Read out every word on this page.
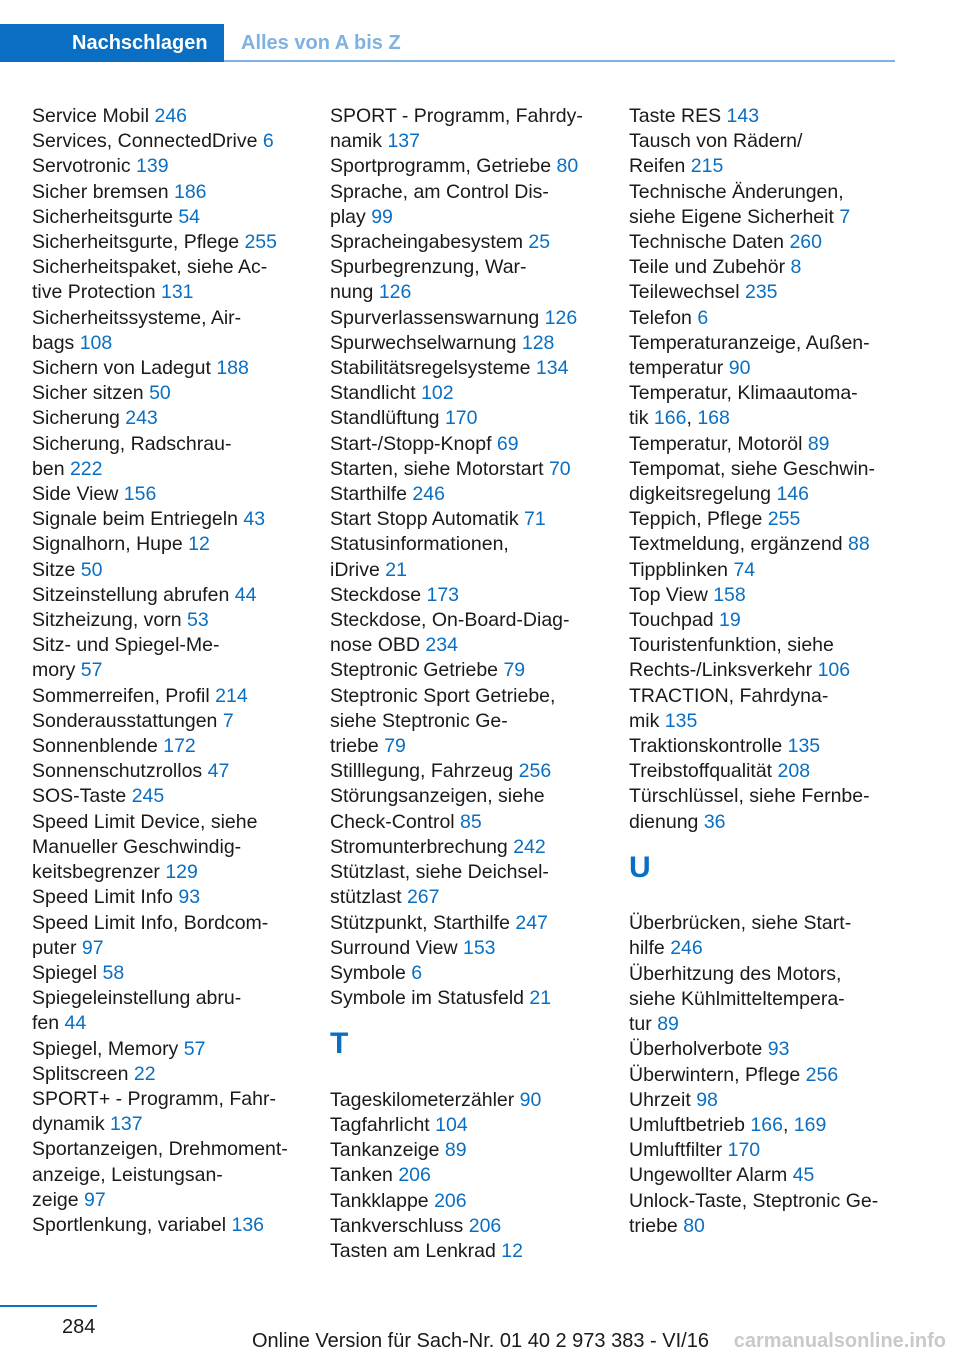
Nachschlagen	Alles von A bis Z
Service Mobil 246
Services, ConnectedDrive 6
Servotronic 139
Sicher bremsen 186
Sicherheitsgurte 54
Sicherheitsgurte, Pflege 255
Sicherheitspaket, siehe Ac-
tive Protection 131
Sicherheitssysteme, Air-
bags 108
Sichern von Ladegut 188
Sicher sitzen 50
Sicherung 243
Sicherung, Radschrau-
ben 222
Side View 156
Signale beim Entriegeln 43
Signalhorn, Hupe 12
Sitze 50
Sitzeinstellung abrufen 44
Sitzheizung, vorn 53
Sitz- und Spiegel-Me-
mory 57
Sommerreifen, Profil 214
Sonderausstattungen 7
Sonnenblende 172
Sonnenschutzrollos 47
SOS-Taste 245
Speed Limit Device, siehe
Manueller Geschwindig-
keitsbegrenzer 129
Speed Limit Info 93
Speed Limit Info, Bordcom-
puter 97
Spiegel 58
Spiegeleinstellung abru-
fen 44
Spiegel, Memory 57
Splitscreen 22
SPORT+ - Programm, Fahr-
dynamik 137
Sportanzeigen, Drehmoment-
anzeige, Leistungsan-
zeige 97
Sportlenkung, variabel 136
SPORT - Programm, Fahrdy-
namik 137
Sportprogramm, Getriebe 80
Sprache, am Control Dis-
play 99
Spracheingabesystem 25
Spurbegrenzung, War-
nung 126
Spurverlassenswarnung 126
Spurwechselwarnung 128
Stabilitätsregelsysteme 134
Standlicht 102
Standlüftung 170
Start-/Stopp-Knopf 69
Starten, siehe Motorstart 70
Starthilfe 246
Start Stopp Automatik 71
Statusinformationen,
iDrive 21
Steckdose 173
Steckdose, On-Board-Diag-
nose OBD 234
Steptronic Getriebe 79
Steptronic Sport Getriebe,
siehe Steptronic Ge-
triebe 79
Stilllegung, Fahrzeug 256
Störungsanzeigen, siehe
Check-Control 85
Stromunterbrechung 242
Stützlast, siehe Deichsel-
stützlast 267
Stützpunkt, Starthilfe 247
Surround View 153
Symbole 6
Symbole im Statusfeld 21
T
Tageskilometerzähler 90
Tagfahrlicht 104
Tankanzeige 89
Tanken 206
Tankklappe 206
Tankverschluss 206
Tasten am Lenkrad 12
Taste RES 143
Tausch von Rädern/
Reifen 215
Technische Änderungen,
siehe Eigene Sicherheit 7
Technische Daten 260
Teile und Zubehör 8
Teilewechsel 235
Telefon 6
Temperaturanzeige, Außen-
temperatur 90
Temperatur, Klimaautoma-
tik 166, 168
Temperatur, Motoröl 89
Tempomat, siehe Geschwin-
digkeitsregelung 146
Teppich, Pflege 255
Textmeldung, ergänzend 88
Tippblinken 74
Top View 158
Touchpad 19
Touristenfunktion, siehe
Rechts-/Linksverkehr 106
TRACTION, Fahrdyna-
mik 135
Traktionskontrolle 135
Treibstoffqualität 208
Türschlüssel, siehe Fernbe-
dienung 36
U
Überbrücken, siehe Start-
hilfe 246
Überhitzung des Motors,
siehe Kühlmitteltempera-
tur 89
Überholverbote 93
Überwintern, Pflege 256
Uhrzeit 98
Umluftbetrieb 166, 169
Umluftfilter 170
Ungewollter Alarm 45
Unlock-Taste, Steptronic Ge-
triebe 80
284
Online Version für Sach-Nr. 01 40 2 973 383 - VI/16 carmanualsonline.info
